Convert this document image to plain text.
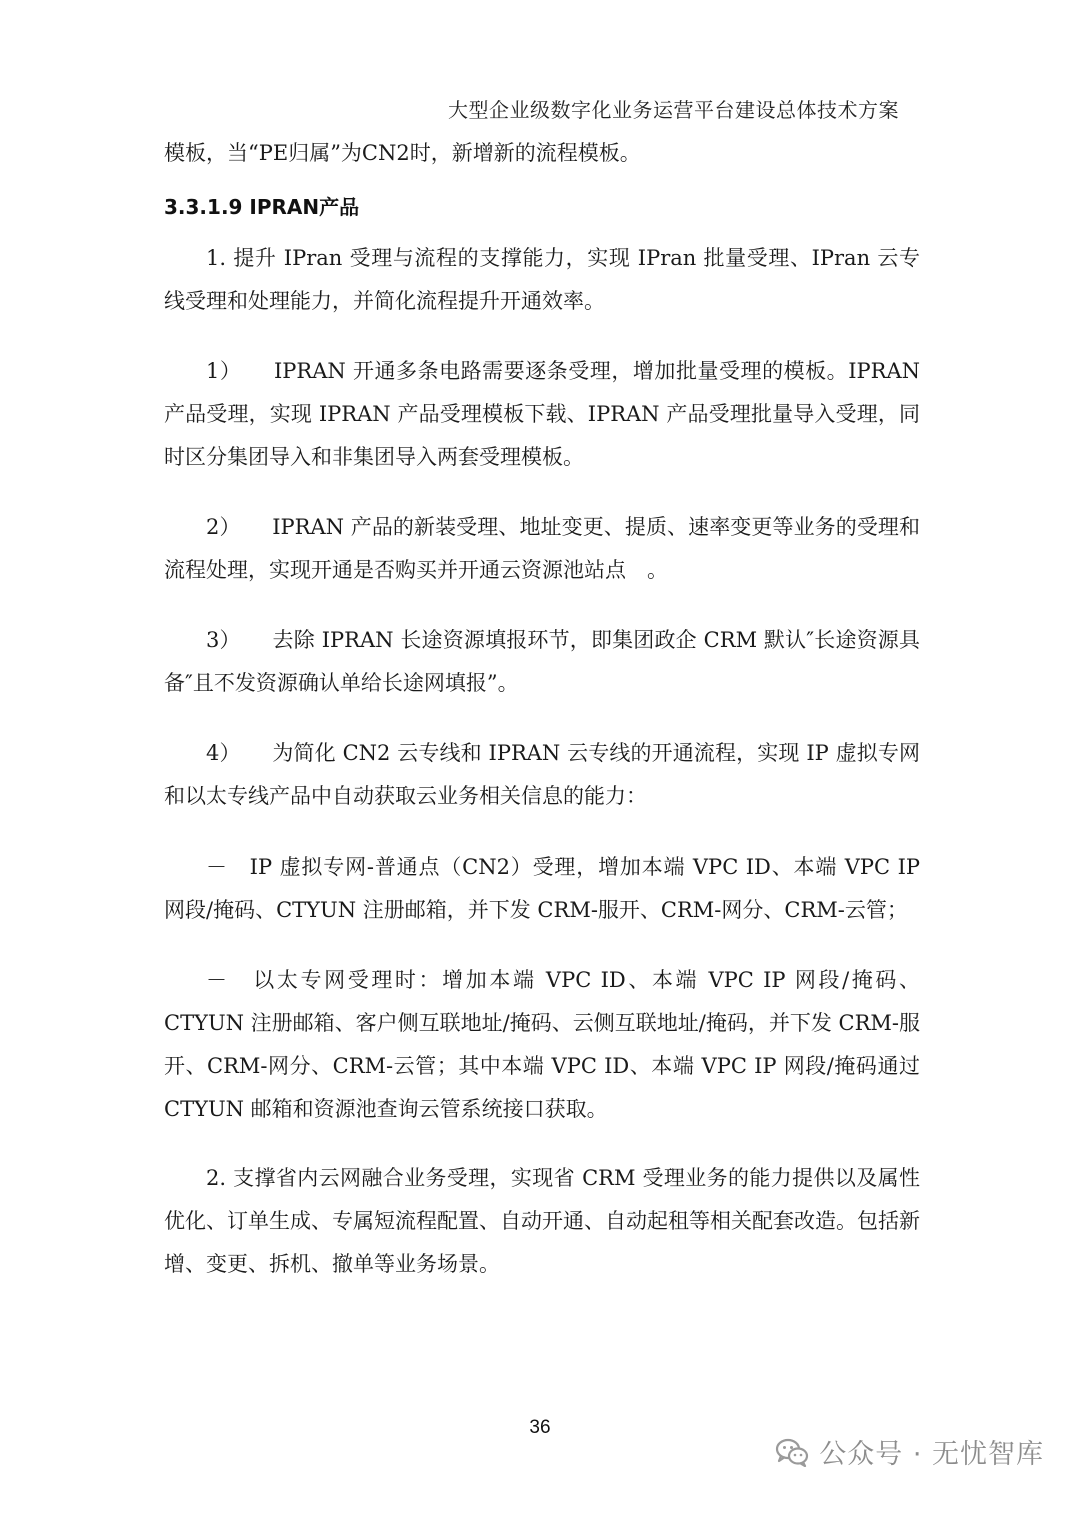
大型企业级数字化业务运营平台建设总体技术方案

模板，当“PE归属”为CN2时，新增新的流程模板。

3.3.1.9 IPRAN产品

1. 提升 IPran 受理与流程的支撑能力，实现 IPran 批量受理、IPran 云专线受理和处理能力，并简化流程提升开通效率。

1）　　IPRAN 开通多条电路需要逐条受理，增加批量受理的模板。IPRAN 产品受理，实现 IPRAN 产品受理模板下载、IPRAN 产品受理批量导入受理，同时区分集团导入和非集团导入两套受理模板。

2）　　IPRAN 产品的新装受理、地址变更、提质、速率变更等业务的受理和流程处理，实现开通是否购买并开通云资源池站点　。

3）　　去除 IPRAN 长途资源填报环节，即集团政企 CRM 默认″长途资源具备″且不发资源确认单给长途网填报”。

4）　　为简化 CN2 云专线和 IPRAN 云专线的开通流程，实现 IP 虚拟专网和以太专线产品中自动获取云业务相关信息的能力：

－　IP 虚拟专网-普通点（CN2）受理，增加本端 VPC ID、本端 VPC IP 网段/掩码、CTYUN 注册邮箱，并下发 CRM-服开、CRM-网分、CRM-云管；

－　以太专网受理时：增加本端 VPC ID、本端 VPC IP 网段/掩码、CTYUN 注册邮箱、客户侧互联地址/掩码、云侧互联地址/掩码，并下发 CRM-服开、CRM-网分、CRM-云管；其中本端 VPC ID、本端 VPC IP 网段/掩码通过 CTYUN 邮箱和资源池查询云管系统接口获取。

2. 支撑省内云网融合业务受理，实现省 CRM 受理业务的能力提供以及属性优化、订单生成、专属短流程配置、自动开通、自动起租等相关配套改造。包括新增、变更、拆机、撤单等业务场景。

36
公众号 · 无忧智库
